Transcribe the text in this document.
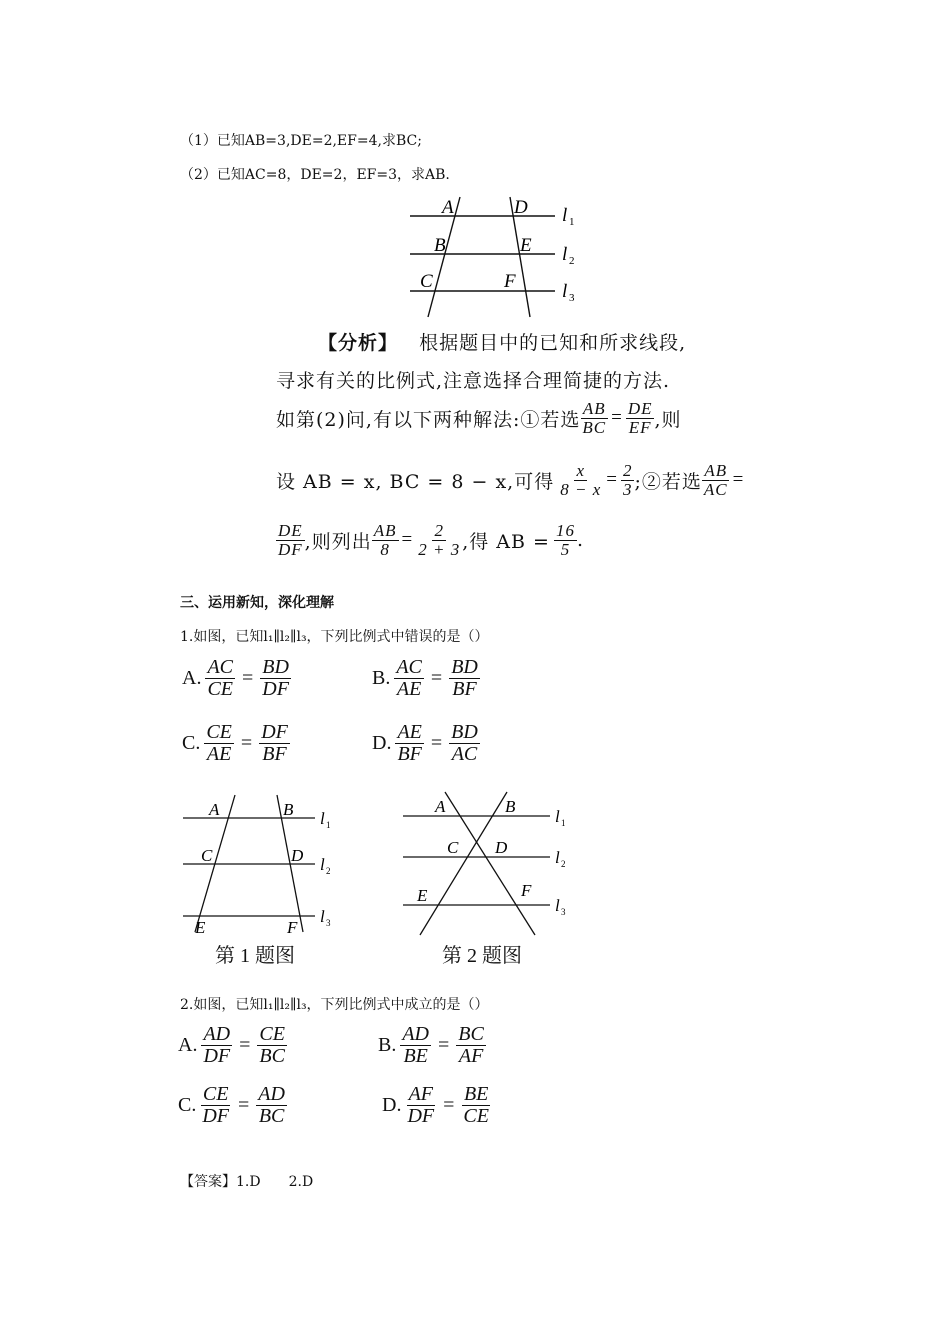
（1）已知AB=3,DE=2,EF=4,求BC;
（2）已知AC=8，DE=2，EF=3，求AB.
A	D
B	E
C	F
l 1
l 2
l 3
【分析】 根据题目中的已知和所求线段,
寻求有关的比例式,注意选择合理简捷的方法.
如第(2)问,有以下两种解法:①若选 $\frac{AB}{BC} = \frac{DE}{EF}$ ,则
设 AB = x, BC = 8 − x,可得 $\frac{x}{8 - x} = \frac{2}{3}$ ;②若选 $\frac{AB}{AC}$ =
$\frac{DE}{DF}$ ,则列出 $\frac{AB}{8} = \frac{2}{2 + 3}$ ,得 AB = $\frac{16}{5}$ .
三、运用新知，深化理解
1.如图，已知l₁∥l₂∥l₃，下列比例式中错误的是（）
A. $\frac{AC}{CE} = \frac{BD}{DF}$	B. $\frac{AC}{AE} = \frac{BD}{BF}$
C. $\frac{CE}{AE} = \frac{DF}{BF}$	D. $\frac{AE}{BF} = \frac{BD}{AC}$
A	B
C	D
E	F
l 1
l 2
l 3
第 1 题图
A	B
C D
E	F
l 1
l 2
l 3
第 2 题图
2.如图，已知l₁∥l₂∥l₃，下列比例式中成立的是（）
A. $\frac{AD}{DF} = \frac{CE}{BC}$	B. $\frac{AD}{BE} = \frac{BC}{AF}$
C. $\frac{CE}{DF} = \frac{AD}{BC}$	D. $\frac{AF}{DF} = \frac{BE}{CE}$
【答案】1.D　　2.D
